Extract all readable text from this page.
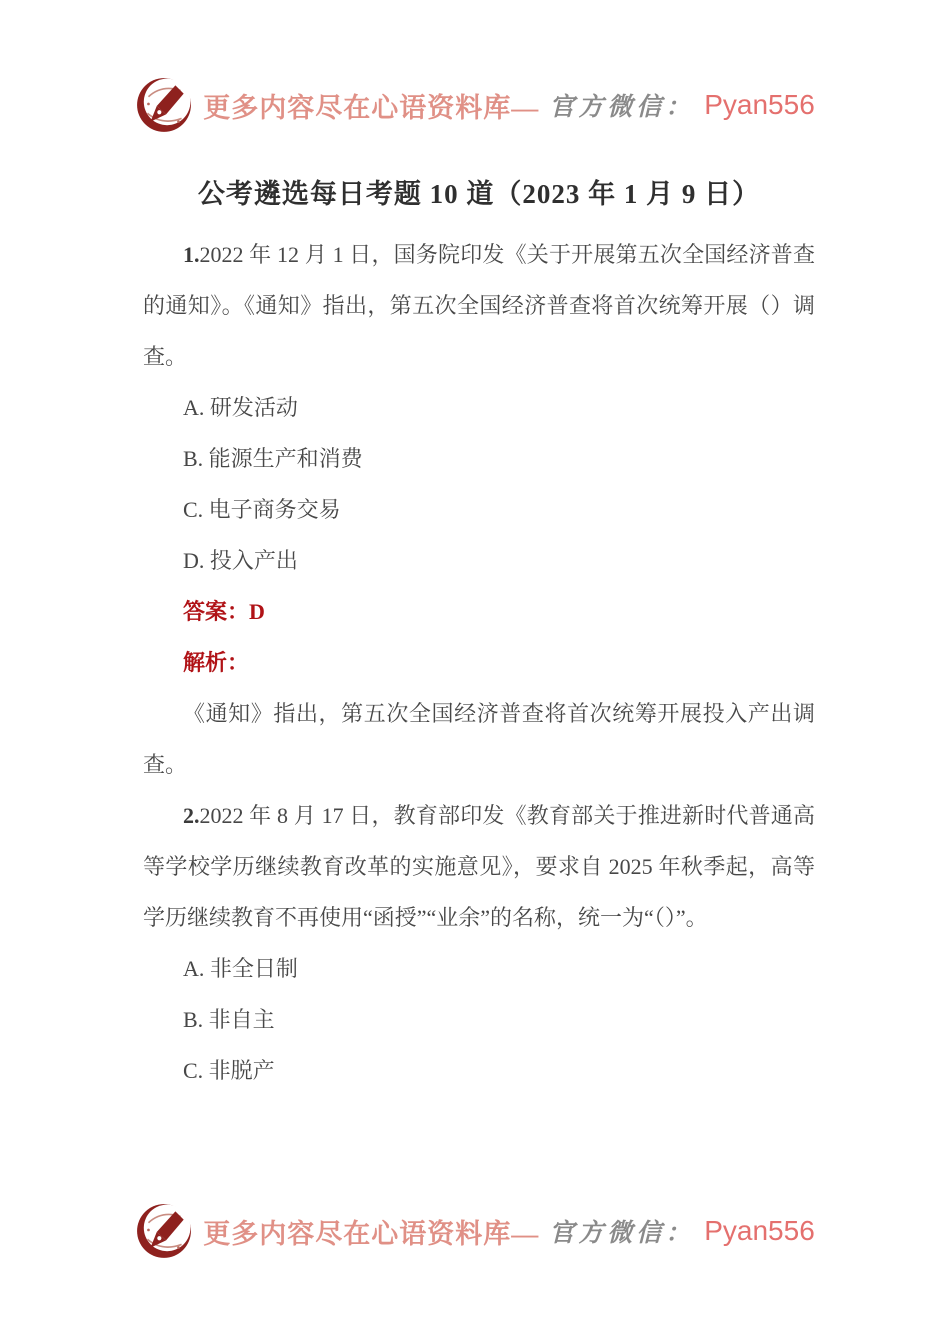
更多内容尽在心语资料库— 官方微信： Pyan556
公考遴选每日考题 10 道（2023 年 1 月 9 日）

1.2022 年 12 月 1 日，国务院印发《关于开展第五次全国经济普查的通知》。《通知》指出，第五次全国经济普查将首次统筹开展（）调查。

A. 研发活动

B. 能源生产和消费

C. 电子商务交易

D. 投入产出

答案：D

解析：

《通知》指出，第五次全国经济普查将首次统筹开展投入产出调查。

2.2022 年 8 月 17 日，教育部印发《教育部关于推进新时代普通高等学校学历继续教育改革的实施意见》，要求自 2025 年秋季起，高等学历继续教育不再使用“函授”“业余”的名称，统一为“（）”。

A. 非全日制

B. 非自主

C. 非脱产

更多内容尽在心语资料库— 官方微信： Pyan556
